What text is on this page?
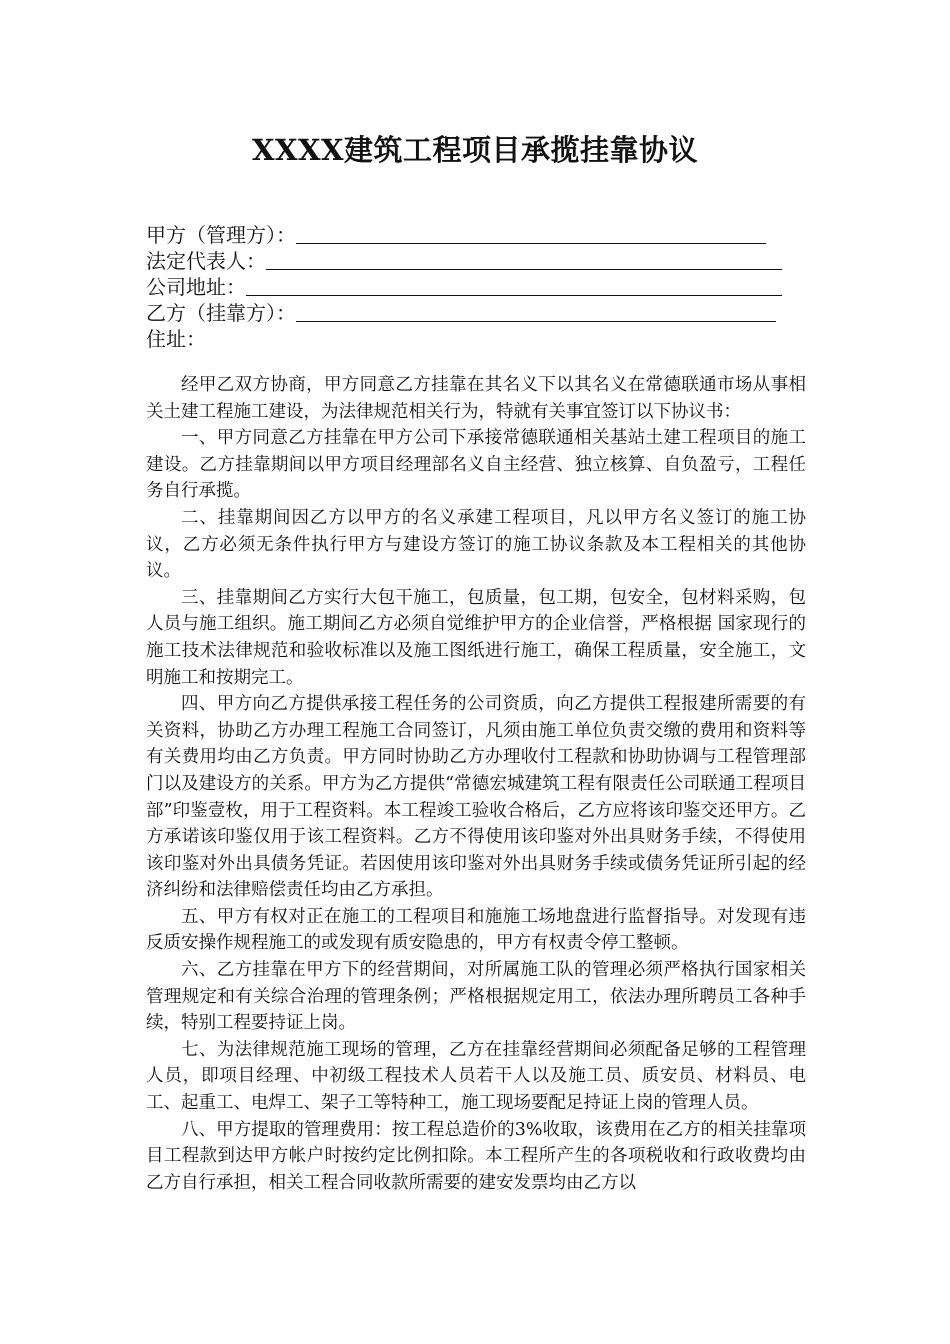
XXXX建筑工程项目承揽挂靠协议
甲方（管理方）：
法定代表人：
公司地址：
乙方（挂靠方）：
住址：

经甲乙双方协商，甲方同意乙方挂靠在其名义下以其名义在常德联通市场从事相关土建工程施工建设，为法律规范相关行为，特就有关事宜签订以下协议书：

一、甲方同意乙方挂靠在甲方公司下承接常德联通相关基站土建工程项目的施工建设。乙方挂靠期间以甲方项目经理部名义自主经营、独立核算、自负盈亏，工程任务自行承揽。

二、挂靠期间因乙方以甲方的名义承建工程项目，凡以甲方名义签订的施工协议，乙方必须无条件执行甲方与建设方签订的施工协议条款及本工程相关的其他协议。

三、挂靠期间乙方实行大包干施工，包质量，包工期，包安全，包材料采购，包人员与施工组织。施工期间乙方必须自觉维护甲方的企业信誉，严格根据 国家现行的施工技术法律规范和验收标准以及施工图纸进行施工，确保工程质量，安全施工，文明施工和按期完工。

四、甲方向乙方提供承接工程任务的公司资质，向乙方提供工程报建所需要的有关资料，协助乙方办理工程施工合同签订，凡须由施工单位负责交缴的费用和资料等有关费用均由乙方负责。甲方同时协助乙方办理收付工程款和协助协调与工程管理部门以及建设方的关系。甲方为乙方提供“常德宏城建筑工程有限责任公司联通工程项目部”印鉴壹枚，用于工程资料。本工程竣工验收合格后，乙方应将该印鉴交还甲方。乙方承诺该印鉴仅用于该工程资料。乙方不得使用该印鉴对外出具财务手续，不得使用该印鉴对外出具债务凭证。若因使用该印鉴对外出具财务手续或债务凭证所引起的经济纠纷和法律赔偿责任均由乙方承担。

五、甲方有权对正在施工的工程项目和施施工场地盘进行监督指导。对发现有违反质安操作规程施工的或发现有质安隐患的，甲方有权责令停工整顿。

六、乙方挂靠在甲方下的经营期间，对所属施工队的管理必须严格执行国家相关管理规定和有关综合治理的管理条例；严格根据规定用工，依法办理所聘员工各种手续，特别工程要持证上岗。

七、为法律规范施工现场的管理，乙方在挂靠经营期间必须配备足够的工程管理人员，即项目经理、中初级工程技术人员若干人以及施工员、质安员、材料员、电工、起重工、电焊工、架子工等特种工，施工现场要配足持证上岗的管理人员。

八、甲方提取的管理费用：按工程总造价的3%收取，该费用在乙方的相关挂靠项目工程款到达甲方帐户时按约定比例扣除。本工程所产生的各项税收和行政收费均由乙方自行承担，相关工程合同收款所需要的建安发票均由乙方以
